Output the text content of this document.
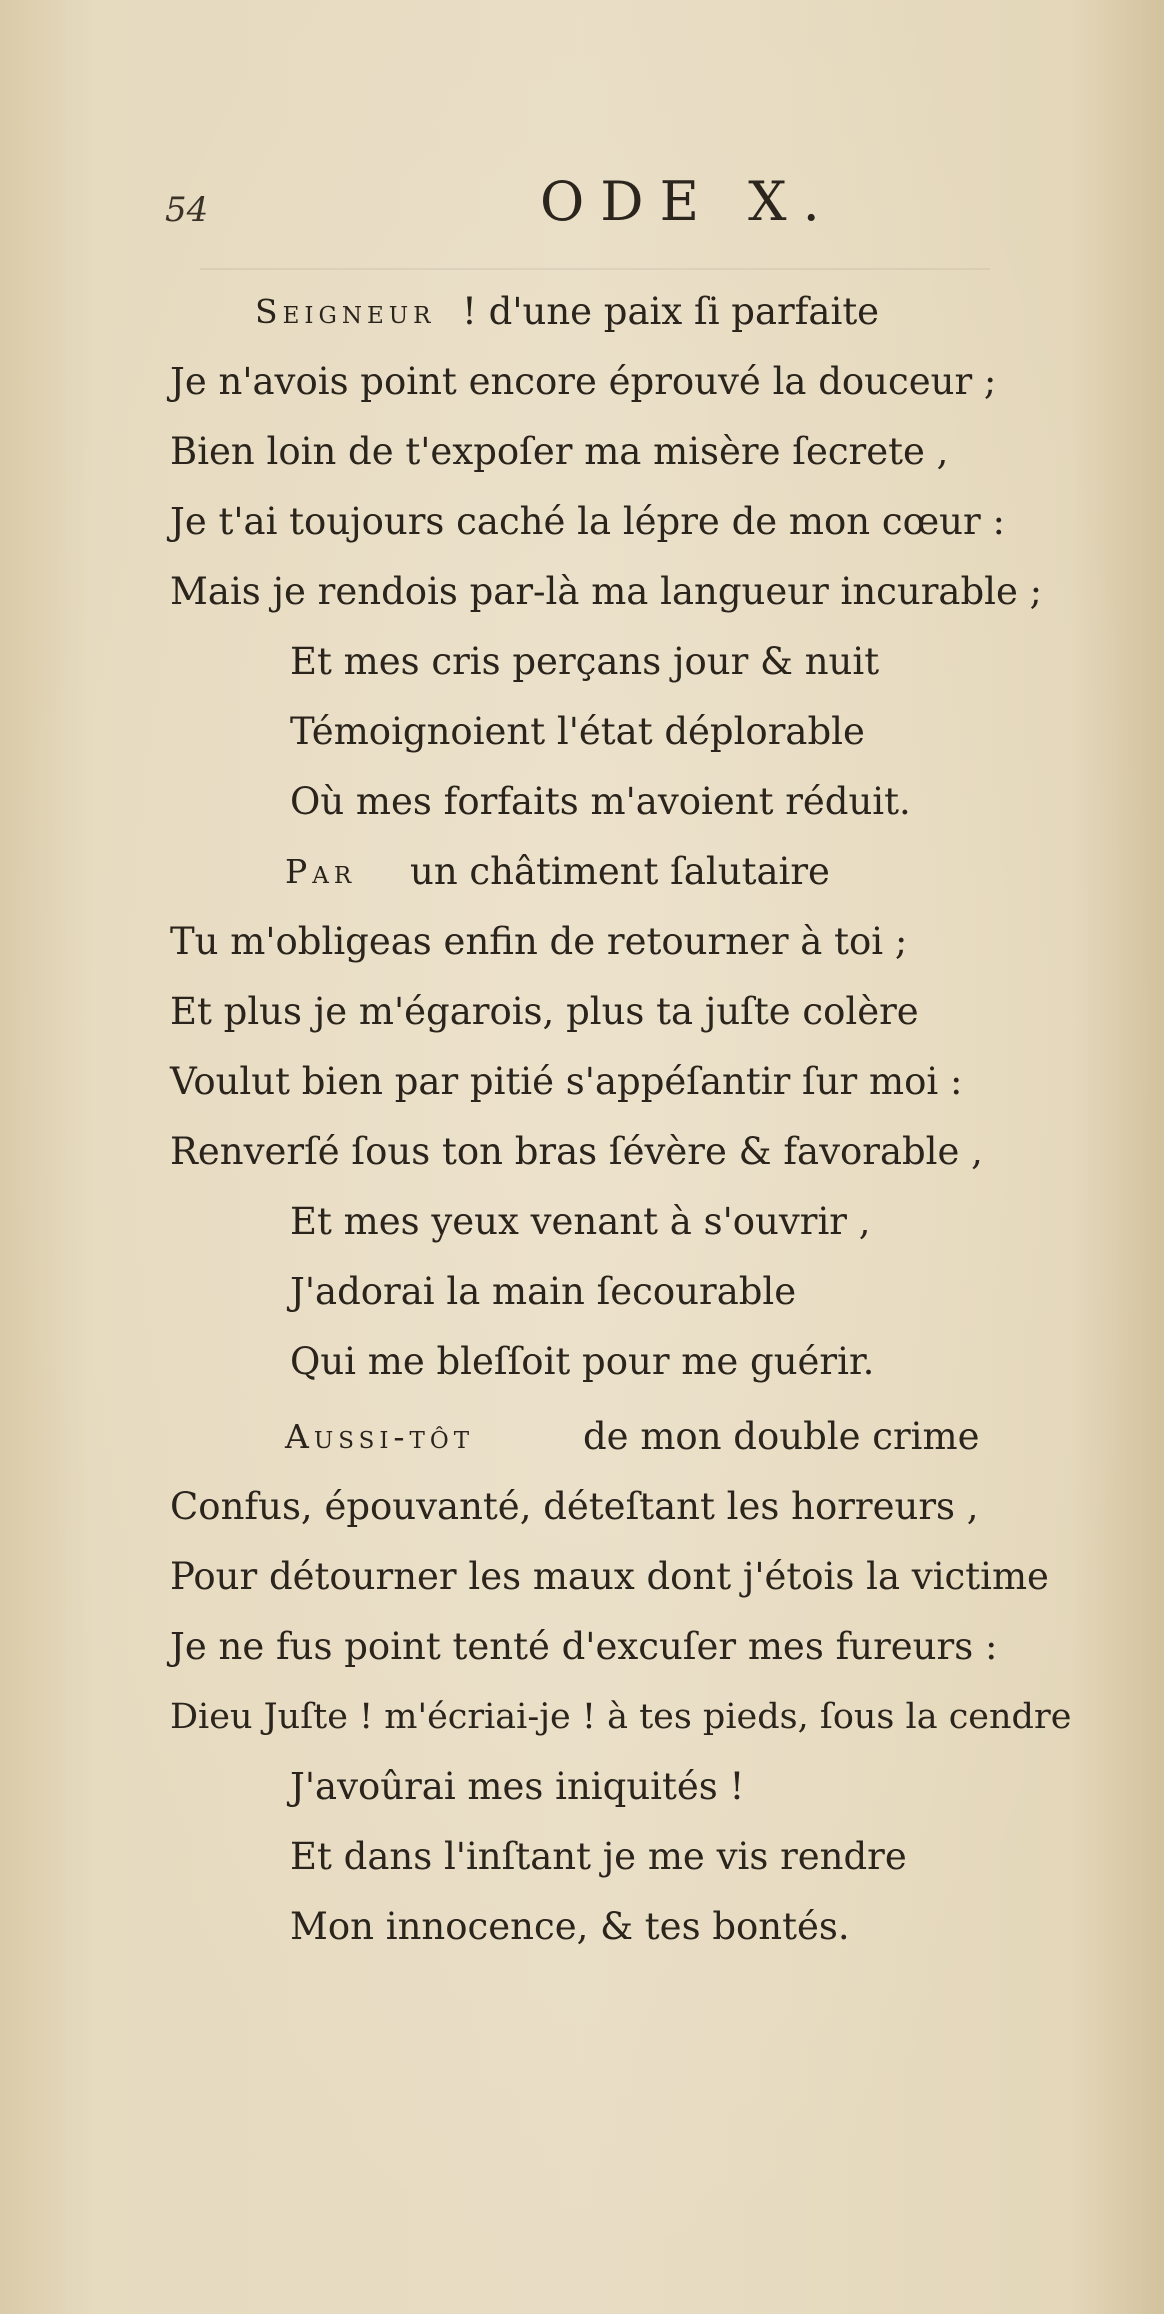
54	ODE X.
Seigneur ! d'une paix ſi parfaite
Je n'avois point encore éprouvé la douceur ;
Bien loin de t'expoſer ma misère ſecrete ,
Je t'ai toujours caché la lépre de mon cœur :
Mais je rendois par-là ma langueur incurable ;
Et mes cris perçans jour & nuit
Témoignoient l'état déplorable
Où mes forfaits m'avoient réduit.
Par un châtiment ſalutaire
Tu m'obligeas enfin de retourner à toi ;
Et plus je m'égarois, plus ta juſte colère
Voulut bien par pitié s'appéſantir ſur moi :
Renverſé ſous ton bras ſévère & favorable ,
Et mes yeux venant à s'ouvrir ,
J'adorai la main ſecourable
Qui me bleſſoit pour me guérir.
Aussi-tôt	de mon double crime
Confus, épouvanté, déteſtant les horreurs ,
Pour détourner les maux dont j'étois la victime
Je ne fus point tenté d'excuſer mes fureurs :
Dieu Juſte ! m'écriai-je ! à tes pieds, ſous la cendre
J'avoûrai mes iniquités !
Et dans l'inſtant je me vis rendre
Mon innocence, & tes bontés.
